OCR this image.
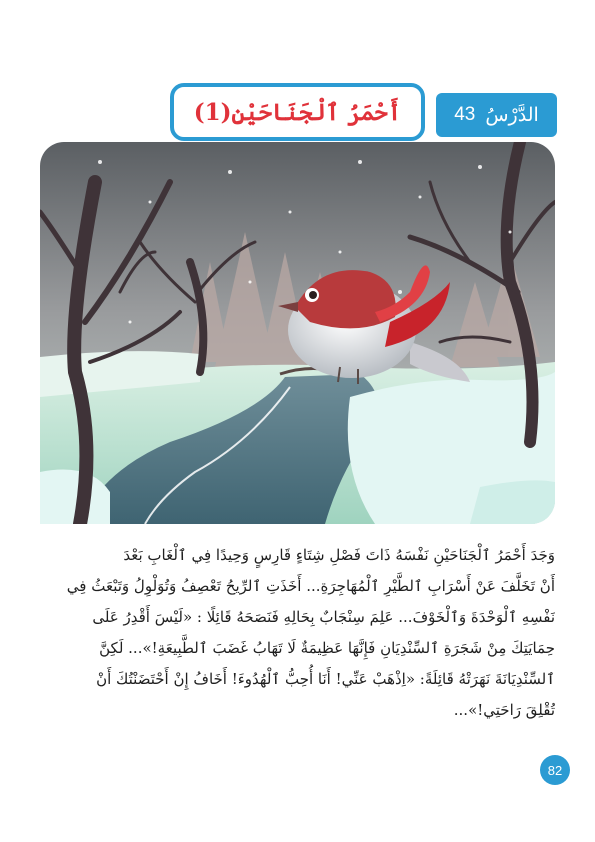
الدَّرْسُ
43
أَحْمَرُ ٱلْجَنَاحَيْنِ(1)
وَجَدَ أَحْمَرُ ٱلْجَنَاحَيْنِ نَفْسَهُ ذَاتَ فَصْلِ شِتَاءٍ قَارِسٍ وَحِيدًا فِي ٱلْغَابِ بَعْدَ
أَنْ تَخَلَّفَ عَنْ أَسْرَابِ ٱلطَّيْرِ ٱلْمُهَاجِرَةِ... أَخَذَتِ ٱلرِّيحُ تَعْصِفُ وَتُوَلْوِلُ وَتَبْعَثُ فِي
نَفْسِهِ ٱلْوَحْدَةَ وَٱلْخَوْفَ... عَلِمَ سِنْجَابٌ بِحَالِهِ فَنَصَحَهُ قَائِلًا : «لَيْسَ أَقْدِرُ عَلَى
حِمَايَتِكَ مِنْ شَجَرَةِ ٱلسِّنْدِيَانِ فَإِنَّهَا عَظِيمَةٌ لَا تَهَابُ غَضَبَ ٱلطَّبِيعَةِ!»... لَكِنَّ
ٱلسِّنْدِيَانَةَ نَهَرَتْهُ قَائِلَةً: «اِذْهَبْ عَنِّي! أَنَا أُحِبُّ ٱلْهُدُوءَ! أَخَافُ إِنْ أَحْتَضَنْتُكَ أَنْ
تُقْلِقَ رَاحَتِي!»...
82
